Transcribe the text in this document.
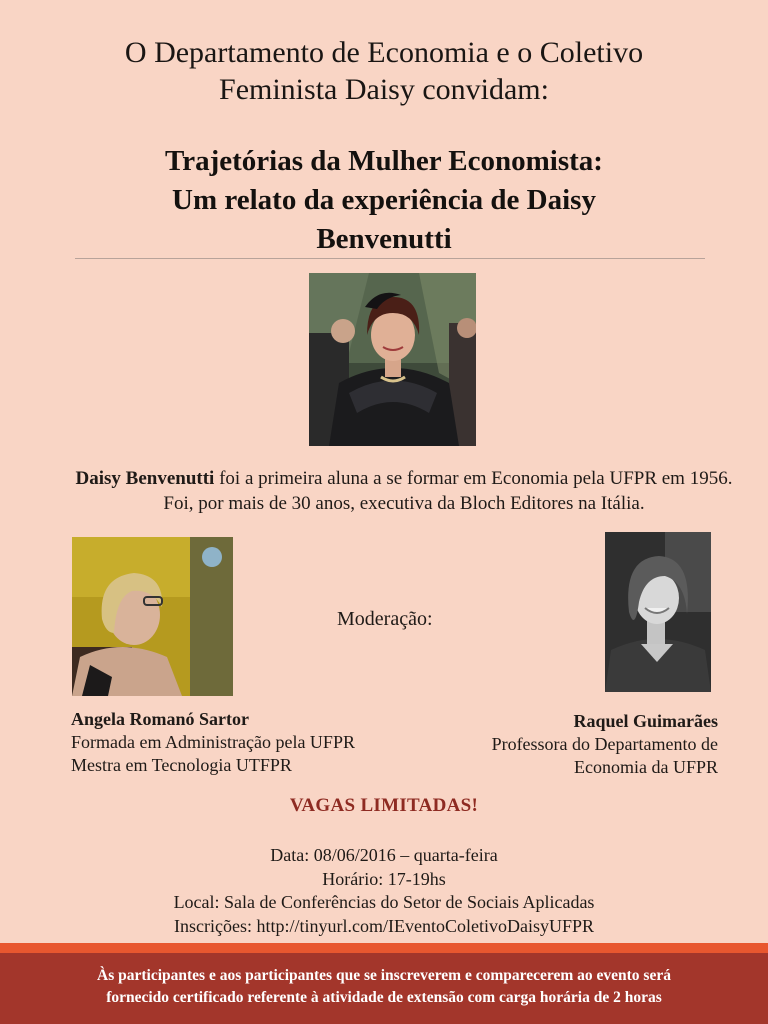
O Departamento de Economia e o Coletivo
Feminista Daisy convidam:
Trajetórias da Mulher Economista:
Um relato da experiência de Daisy
Benvenutti
Daisy Benvenutti foi a primeira aluna a se formar em Economia pela UFPR em 1956.
Foi, por mais de 30 anos, executiva da Bloch Editores na Itália.
Moderação:
Angela Romanó Sartor
Formada em Administração pela UFPR
Mestra em Tecnologia UTFPR
Raquel Guimarães
Professora do Departamento de
Economia da UFPR
VAGAS LIMITADAS!
Data: 08/06/2016 – quarta-feira
Horário: 17-19hs
Local: Sala de Conferências do Setor de Sociais Aplicadas
Inscrições: http://tinyurl.com/IEventoColetivoDaisyUFPR
Às participantes e aos participantes que se inscreverem e comparecerem ao evento será
fornecido certificado referente à atividade de extensão com carga horária de 2 horas
